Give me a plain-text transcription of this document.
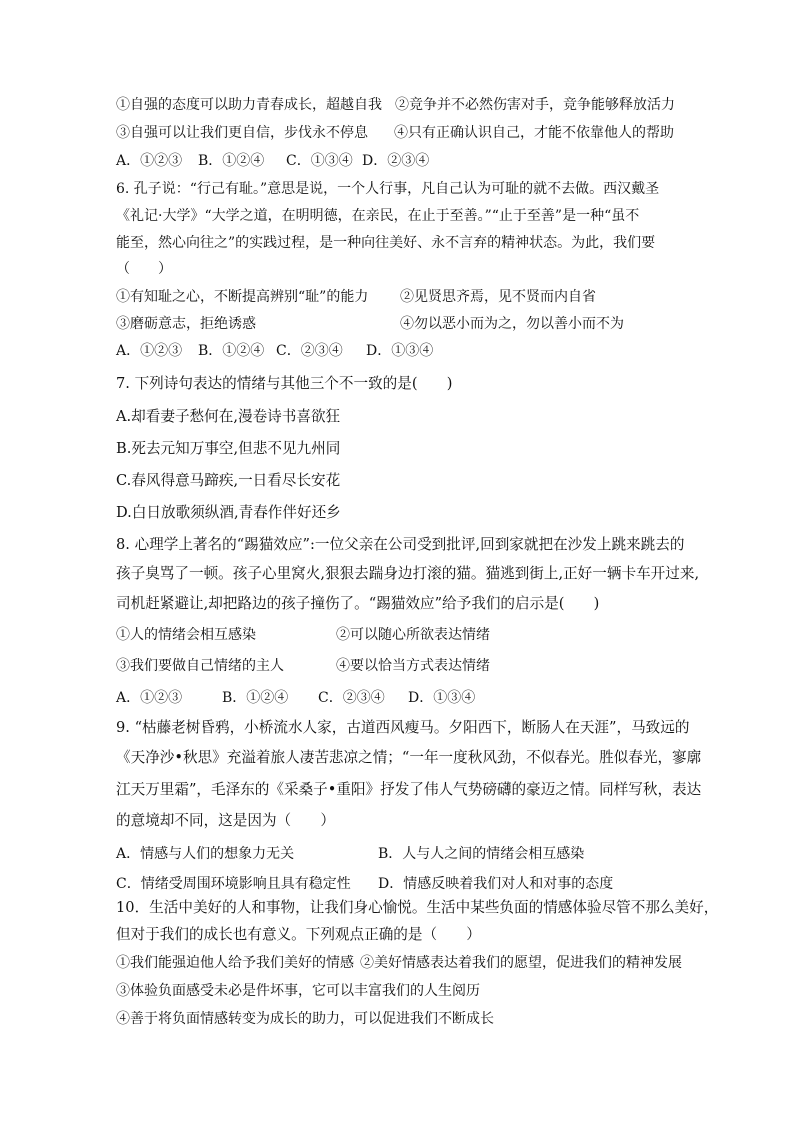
①自强的态度可以助力青春成长，超越自我 ②竞争并不必然伤害对手，竞争能够释放活力
③自强可以让我们更自信，步伐永不停息 ④只有正确认识自己，才能不依靠他人的帮助
A．①②③ B．①②④ C．①③④ D．②③④
6. 孔子说：“行己有耻。”意思是说，一个人行事，凡自己认为可耻的就不去做。西汉戴圣
《礼记·大学》“大学之道，在明明德，在亲民，在止于至善。”“止于至善”是一种“虽不
能至，然心向往之”的实践过程，是一种向往美好、永不言弃的精神状态。为此，我们要
（　　）
①有知耻之心，不断提高辨别“耻”的能力 ②见贤思齐焉，见不贤而内自省
③磨砺意志，拒绝诱惑	④勿以恶小而为之，勿以善小而不为
A．①②③ B．①②④ C．②③④ D．①③④
7. 下列诗句表达的情绪与其他三个不一致的是(　　)
A.却看妻子愁何在,漫卷诗书喜欲狂
B.死去元知万事空,但悲不见九州同
C.春风得意马蹄疾,一日看尽长安花
D.白日放歌须纵酒,青春作伴好还乡
8. 心理学上著名的“踢猫效应”:一位父亲在公司受到批评,回到家就把在沙发上跳来跳去的
孩子臭骂了一顿。孩子心里窝火,狠狠去踹身边打滚的猫。猫逃到街上,正好一辆卡车开过来,
司机赶紧避让,却把路边的孩子撞伤了。“踢猫效应”给予我们的启示是(　　)
①人的情绪会相互感染	②可以随心所欲表达情绪
③我们要做自己情绪的主人	④要以恰当方式表达情绪
A．①②③	B．①②④ C．②③④ D．①③④
9. “枯藤老树昏鸦，小桥流水人家，古道西风瘦马。夕阳西下，断肠人在天涯”，马致远的
《天净沙•秋思》充溢着旅人凄苦悲凉之情；“一年一度秋风劲，不似春光。胜似春光，寥廓
江天万里霜”，毛泽东的《采桑子•重阳》抒发了伟人气势磅礴的豪迈之情。同样写秋，表达
的意境却不同，这是因为（　　）
A．情感与人们的想象力无关	B．人与人之间的情绪会相互感染
C．情绪受周围环境影响且具有稳定性 D．情感反映着我们对人和对事的态度
10．生活中美好的人和事物，让我们身心愉悦。生活中某些负面的情感体验尽管不那么美好，
但对于我们的成长也有意义。下列观点正确的是（　　）
①我们能强迫他人给予我们美好的情感 ②美好情感表达着我们的愿望，促进我们的精神发展
③体验负面感受未必是件坏事，它可以丰富我们的人生阅历
④善于将负面情感转变为成长的助力，可以促进我们不断成长
